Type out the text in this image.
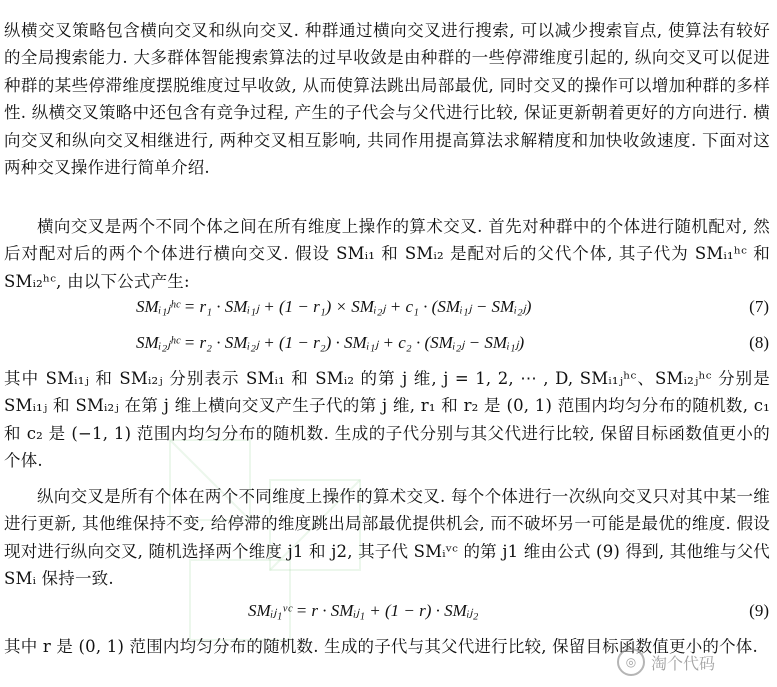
纵横交叉策略包含横向交叉和纵向交叉. 种群通过横向交叉进行搜索, 可以减少搜索盲点, 使算法有较好的全局搜索能力. 大多群体智能搜索算法的过早收敛是由种群的一些停滞维度引起的, 纵向交叉可以促进种群的某些停滞维度摆脱维度过早收敛, 从而使算法跳出局部最优, 同时交叉的操作可以增加种群的多样性. 纵横交叉策略中还包含有竞争过程, 产生的子代会与父代进行比较, 保证更新朝着更好的方向进行. 横向交叉和纵向交叉相继进行, 两种交叉相互影响, 共同作用提高算法求解精度和加快收敛速度. 下面对这两种交叉操作进行简单介绍.

横向交叉是两个不同个体之间在所有维度上操作的算术交叉. 首先对种群中的个体进行随机配对, 然后对配对后的两个个体进行横向交叉. 假设 SMᵢ₁ 和 SMᵢ₂ 是配对后的父代个体, 其子代为 SMᵢ₁ʰᶜ 和 SMᵢ₂ʰᶜ, 由以下公式产生:

SMᵢ₁ⱼʰᶜ = r₁ · SMᵢ₁ⱼ + (1 − r₁) × SMᵢ₂ⱼ + c₁ · (SMᵢ₁ⱼ − SMᵢ₂ⱼ)	(7)
SMᵢ₂ⱼʰᶜ = r₂ · SMᵢ₂ⱼ + (1 − r₂) · SMᵢ₁ⱼ + c₂ · (SMᵢ₂ⱼ − SMᵢ₁ⱼ)	(8)

其中 SMᵢ₁ⱼ 和 SMᵢ₂ⱼ 分别表示 SMᵢ₁ 和 SMᵢ₂ 的第 j 维, j = 1, 2, ⋯ , D, SMᵢ₁ⱼʰᶜ、SMᵢ₂ⱼʰᶜ 分别是 SMᵢ₁ⱼ 和 SMᵢ₂ⱼ 在第 j 维上横向交叉产生子代的第 j 维, r₁ 和 r₂ 是 (0, 1) 范围内均匀分布的随机数, c₁ 和 c₂ 是 (−1, 1) 范围内均匀分布的随机数. 生成的子代分别与其父代进行比较, 保留目标函数值更小的个体.

纵向交叉是所有个体在两个不同维度上操作的算术交叉. 每个个体进行一次纵向交叉只对其中某一维进行更新, 其他维保持不变, 给停滞的维度跳出局部最优提供机会, 而不破坏另一可能是最优的维度. 假设现对进行纵向交叉, 随机选择两个维度 j1 和 j2, 其子代 SMᵢᵛᶜ 的第 j1 维由公式 (9) 得到, 其他维与父代 SMᵢ 保持一致.

SMᵢⱼ₁ᵛᶜ = r · SMᵢⱼ₁ + (1 − r) · SMᵢⱼ₂	(9)

其中 r 是 (0, 1) 范围内均匀分布的随机数. 生成的子代与其父代进行比较, 保留目标函数值更小的个体.

◎ 淘个代码
